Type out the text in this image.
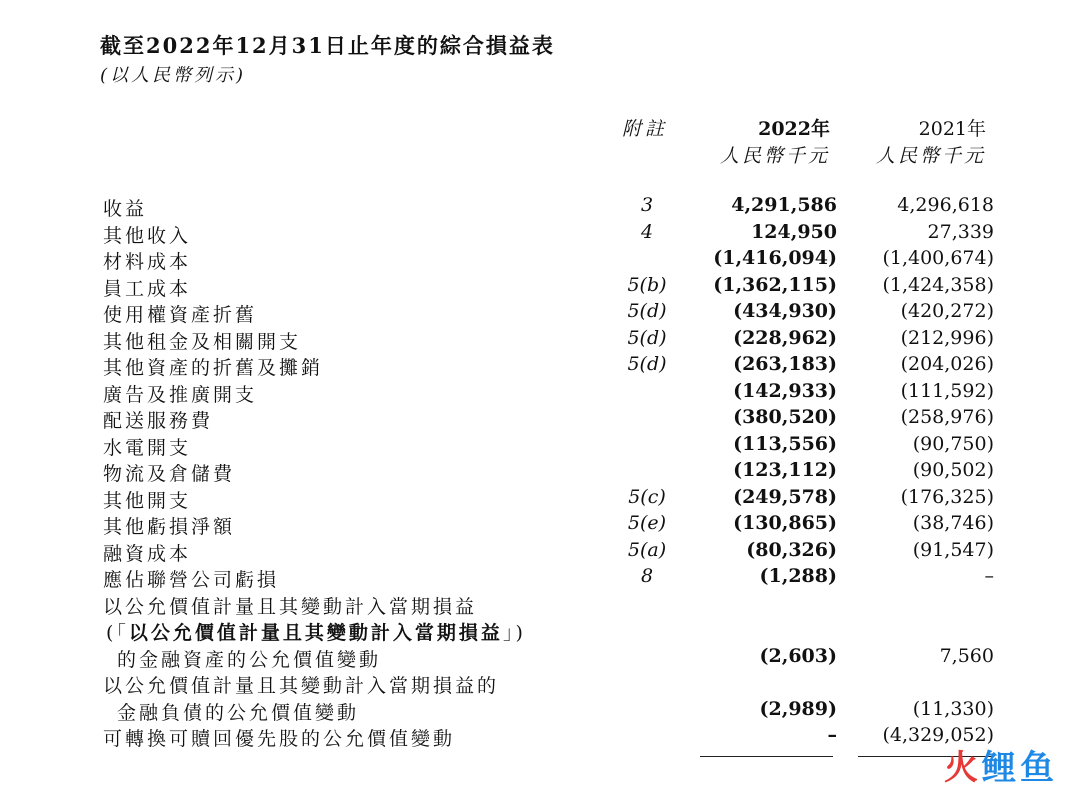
截至2022年12月31日止年度的綜合損益表
(以人民幣列示)
附註	2022年	2021年
人民幣千元 人民幣千元
收益	3	4,291,586	4,296,618
其他收入	4	124,950	27,339
材料成本	(1,416,094) (1,400,674)
員工成本	5(b) (1,362,115) (1,424,358)
使用權資產折舊	5(d)	(434,930)	(420,272)
其他租金及相關開支	5(d)	(228,962)	(212,996)
其他資產的折舊及攤銷	5(d)	(263,183)	(204,026)
廣告及推廣開支	(142,933)	(111,592)
配送服務費	(380,520)	(258,976)
水電開支	(113,556)	(90,750)
物流及倉儲費	(123,112)	(90,502)
其他開支	5(c)	(249,578)	(176,325)
其他虧損淨額	5(e)	(130,865)	(38,746)
融資成本	5(a)	(80,326)	(91,547)
應佔聯營公司虧損	8	(1,288)	–
以公允價值計量且其變動計入當期損益
(「以公允價值計量且其變動計入當期損益」)
的金融資產的公允價值變動	(2,603)	7,560
以公允價值計量且其變動計入當期損益的
金融負債的公允價值變動	(2,989)	(11,330)
可轉換可贖回優先股的公允價值變動	– (4,329,052)
火 鲤 鱼
